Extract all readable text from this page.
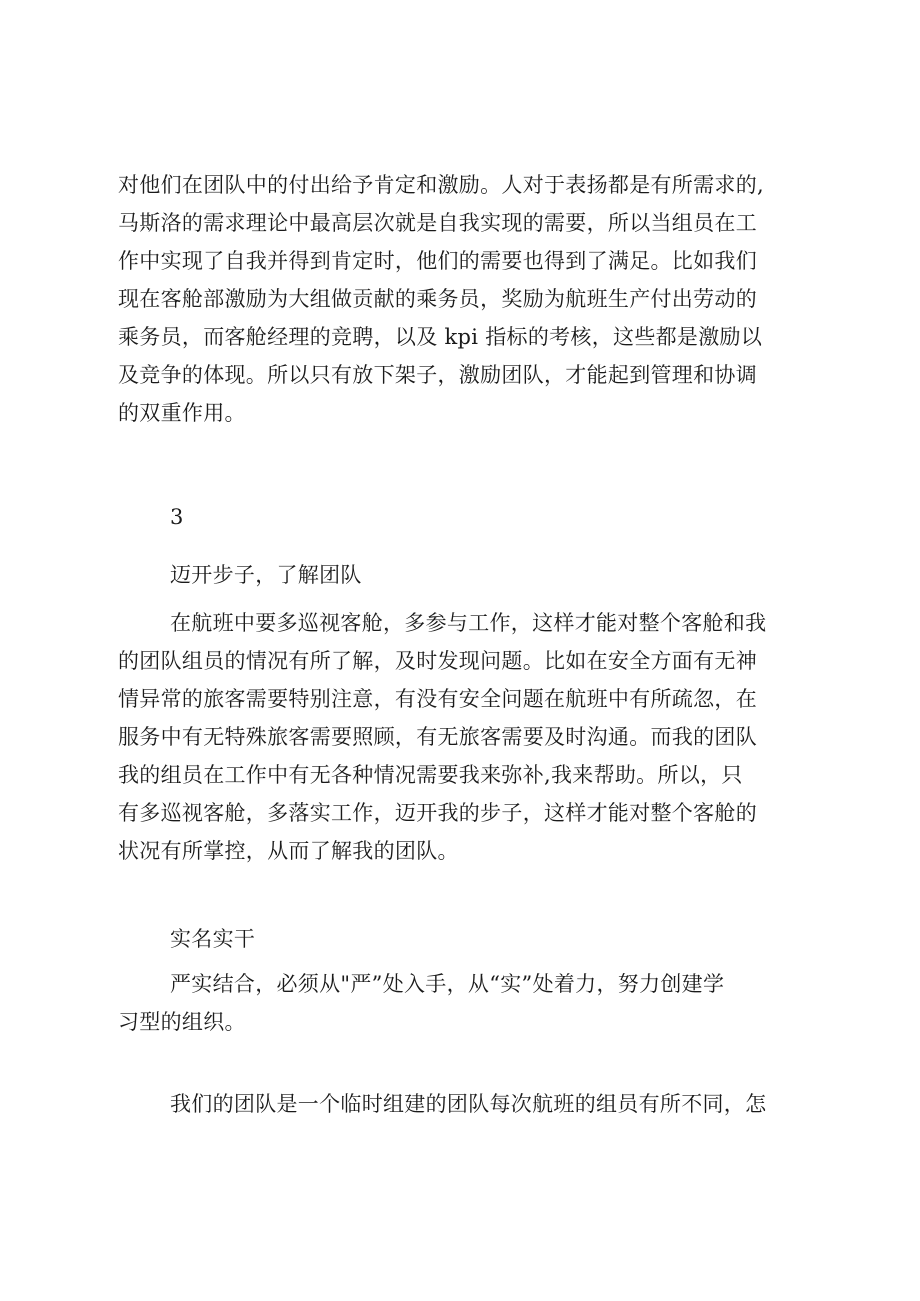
对他们在团队中的付出给予肯定和激励。人对于表扬都是有所需求的,
马斯洛的需求理论中最高层次就是自我实现的需要，所以当组员在工
作中实现了自我并得到肯定时，他们的需要也得到了满足。比如我们
现在客舱部激励为大组做贡献的乘务员，奖励为航班生产付出劳动的
乘务员，而客舱经理的竞聘，以及 kpi 指标的考核，这些都是激励以
及竞争的体现。所以只有放下架子，激励团队，才能起到管理和协调
的双重作用。
3
迈开步子，了解团队
在航班中要多巡视客舱，多参与工作，这样才能对整个客舱和我
的团队组员的情况有所了解，及时发现问题。比如在安全方面有无神
情异常的旅客需要特别注意，有没有安全问题在航班中有所疏忽，在
服务中有无特殊旅客需要照顾，有无旅客需要及时沟通。而我的团队
我的组员在工作中有无各种情况需要我来弥补,我来帮助。所以，只
有多巡视客舱，多落实工作，迈开我的步子，这样才能对整个客舱的
状况有所掌控，从而了解我的团队。
实名实干
严实结合，必须从"严”处入手，从“实”处着力，努力创建学
习型的组织。
我们的团队是一个临时组建的团队每次航班的组员有所不同，怎
